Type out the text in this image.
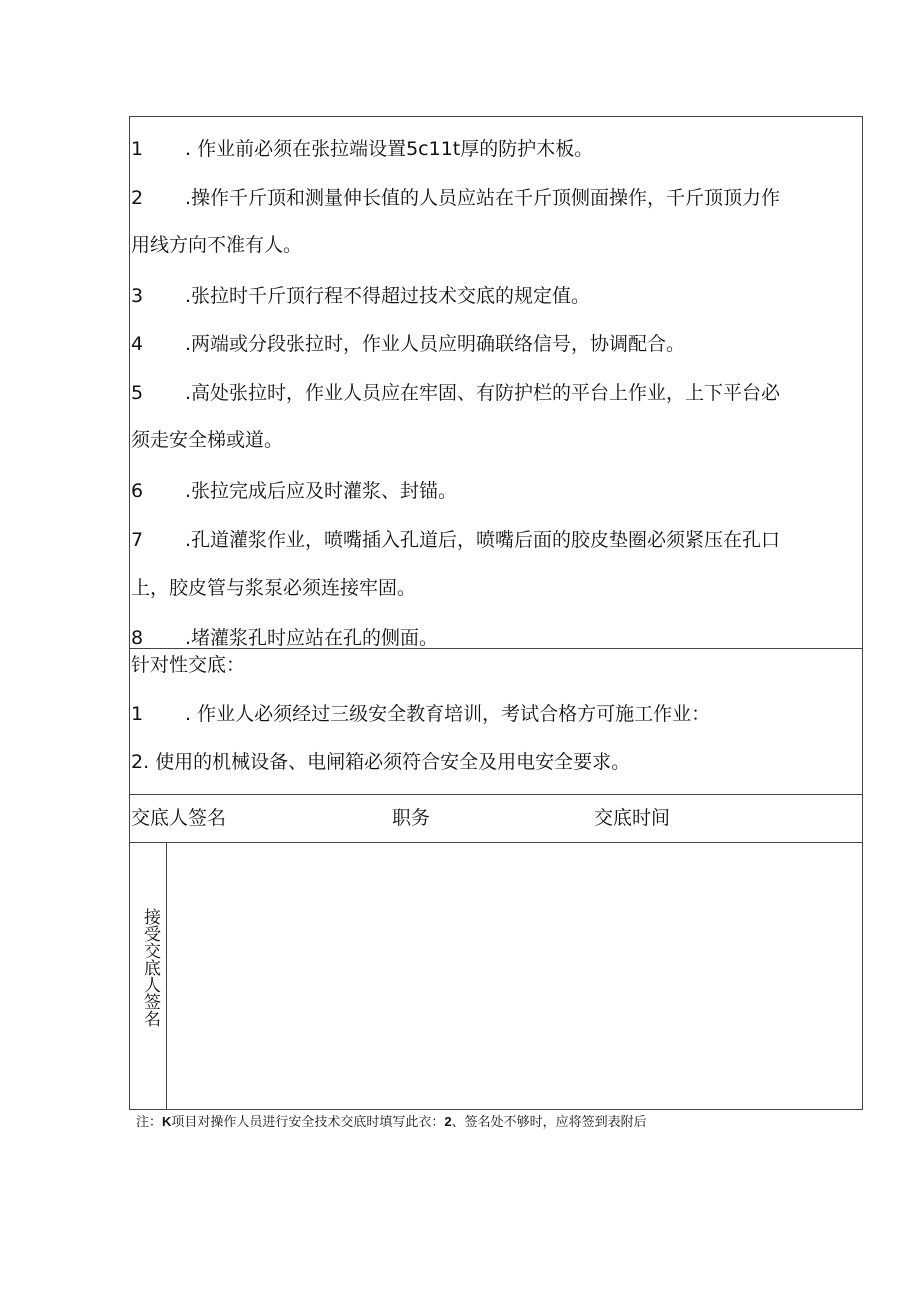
1 . 作业前必须在张拉端设置5c11t厚的防护木板。
2 .操作千斤顶和测量伸长值的人员应站在千斤顶侧面操作，千斤顶顶力作
用线方向不准有人。
3 .张拉时千斤顶行程不得超过技术交底的规定值。
4 .两端或分段张拉时，作业人员应明确联络信号，协调配合。
5 .高处张拉时，作业人员应在牢固、有防护栏的平台上作业，上下平台必
须走安全梯或道。
6 .张拉完成后应及时灌浆、封锚。
7 .孔道灌浆作业，喷嘴插入孔道后，喷嘴后面的胶皮垫圈必须紧压在孔口
上，胶皮管与浆泵必须连接牢固。
8 .堵灌浆孔时应站在孔的侧面。
针对性交底：
1 . 作业人必须经过三级安全教育培训，考试合格方可施工作业：
2. 使用的机械设备、电闸箱必须符合安全及用电安全要求。
交底人签名	职务	交底时间
接受交底人签名
注：K项目对操作人员进行安全技术交底时填写此衣：2、签名处不够时，应将签到表附后
